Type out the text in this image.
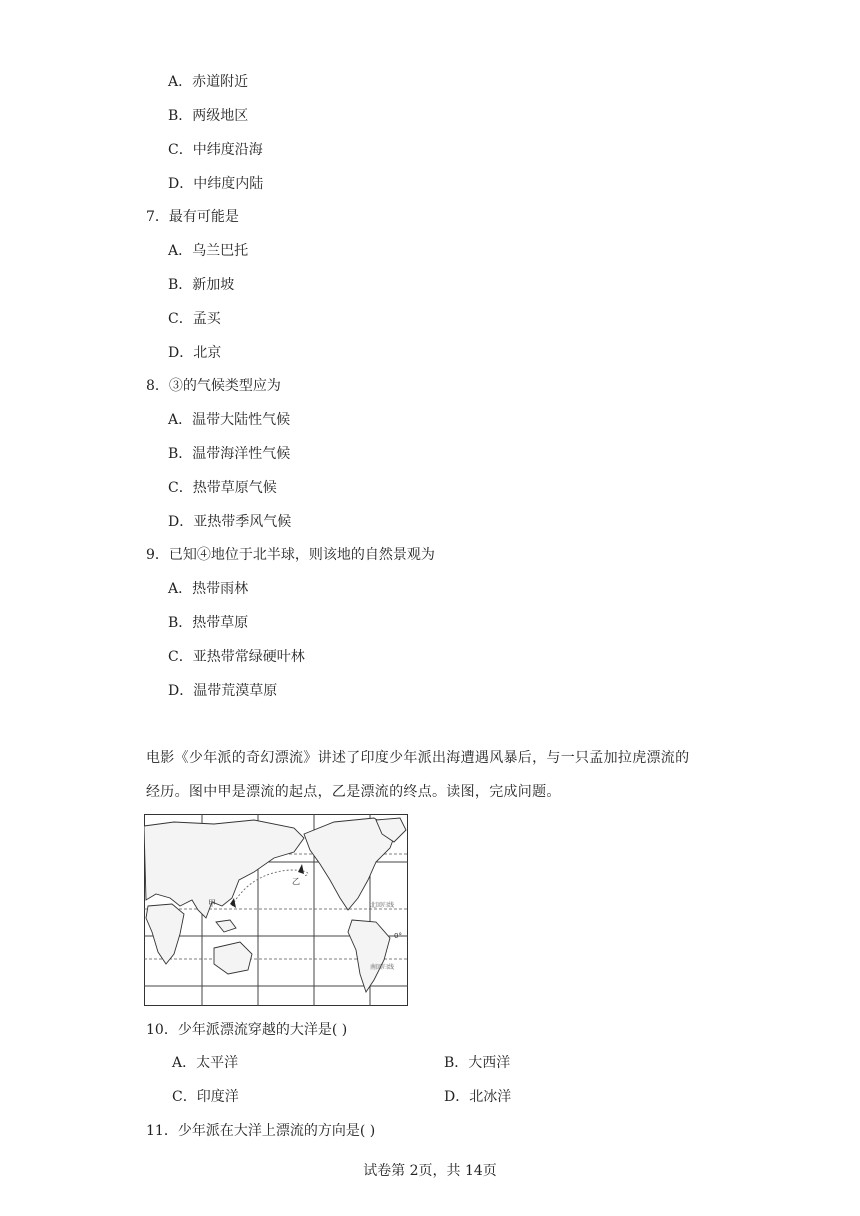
A．赤道附近
B．两级地区
C．中纬度沿海
D．中纬度内陆
7．最有可能是
A．乌兰巴托
B．新加坡
C．孟买
D．北京
8．③的气候类型应为
A．温带大陆性气候
B．温带海洋性气候
C．热带草原气候
D．亚热带季风气候
9．已知④地位于北半球，则该地的自然景观为
A．热带雨林
B．热带草原
C．亚热带常绿硬叶林
D．温带荒漠草原
电影《少年派的奇幻漂流》讲述了印度少年派出海遭遇风暴后，与一只孟加拉虎漂流的
经历。图中甲是漂流的起点，乙是漂流的终点。读图，完成问题。
甲
乙
北回归线
0°
南回归线
10．少年派漂流穿越的大洋是( )
A．太平洋	B．大西洋
C．印度洋	D．北冰洋
11．少年派在大洋上漂流的方向是( )
试卷第 2页，共 14页
